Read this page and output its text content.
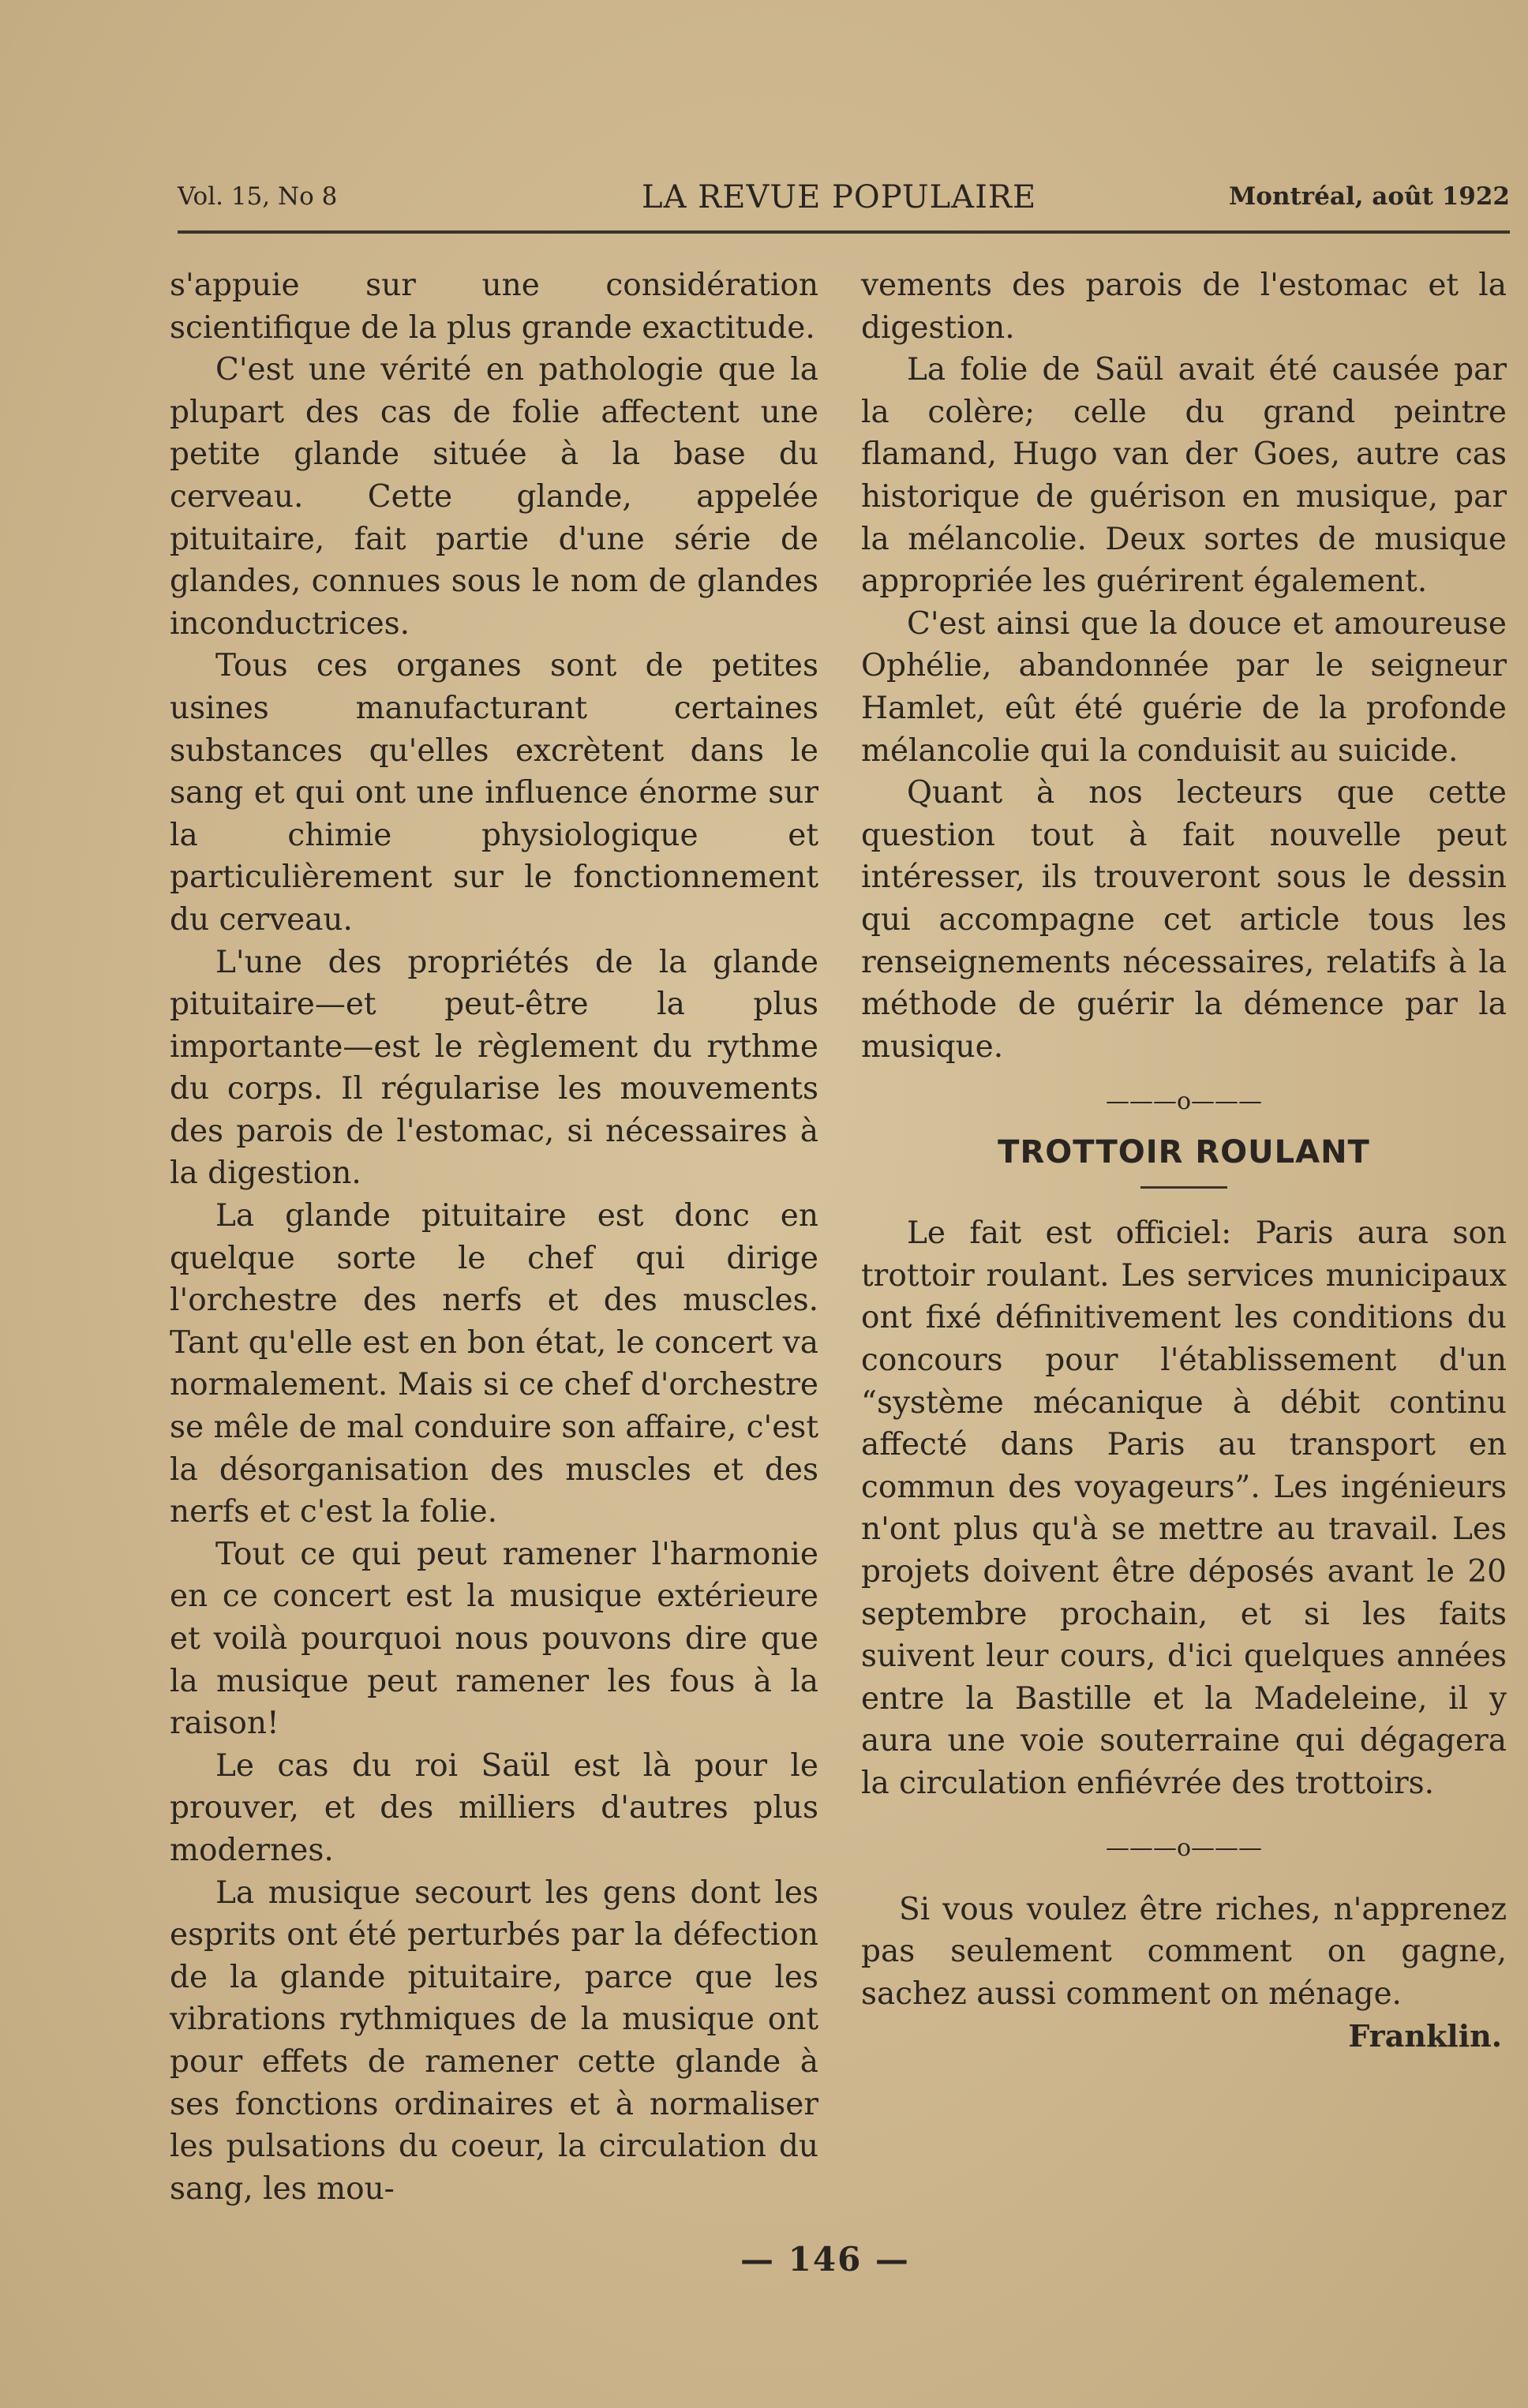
Vol. 15, No 8	LA REVUE POPULAIRE	Montréal, août 1922

s'appuie sur une considération scientifique de la plus grande exactitude.

C'est une vérité en pathologie que la plupart des cas de folie affectent une petite glande située à la base du cerveau. Cette glande, appelée pituitaire, fait partie d'une série de glandes, connues sous le nom de glandes inconductrices.

Tous ces organes sont de petites usines manufacturant certaines substances qu'elles excrètent dans le sang et qui ont une influence énorme sur la chimie physiologique et particulièrement sur le fonctionnement du cerveau.

L'une des propriétés de la glande pituitaire—et peut-être la plus importante—est le règlement du rythme du corps. Il régularise les mouvements des parois de l'estomac, si nécessaires à la digestion.

La glande pituitaire est donc en quelque sorte le chef qui dirige l'orchestre des nerfs et des muscles. Tant qu'elle est en bon état, le concert va normalement. Mais si ce chef d'orchestre se mêle de mal conduire son affaire, c'est la désorganisation des muscles et des nerfs et c'est la folie.

Tout ce qui peut ramener l'harmonie en ce concert est la musique extérieure et voilà pourquoi nous pouvons dire que la musique peut ramener les fous à la raison!

Le cas du roi Saül est là pour le prouver, et des milliers d'autres plus modernes.

La musique secourt les gens dont les esprits ont été perturbés par la défection de la glande pituitaire, parce que les vibrations rythmiques de la musique ont pour effets de ramener cette glande à ses fonctions ordinaires et à normaliser les pulsations du coeur, la circulation du sang, les mou-

vements des parois de l'estomac et la digestion.

La folie de Saül avait été causée par la colère; celle du grand peintre flamand, Hugo van der Goes, autre cas historique de guérison en musique, par la mélancolie. Deux sortes de musique appropriée les guérirent également.

C'est ainsi que la douce et amoureuse Ophélie, abandonnée par le seigneur Hamlet, eût été guérie de la profonde mélancolie qui la conduisit au suicide.

Quant à nos lecteurs que cette question tout à fait nouvelle peut intéresser, ils trouveront sous le dessin qui accompagne cet article tous les renseignements nécessaires, relatifs à la méthode de guérir la démence par la musique.

———o———
TROTTOIR ROULANT

Le fait est officiel: Paris aura son trottoir roulant. Les services municipaux ont fixé définitivement les conditions du concours pour l'établissement d'un “système mécanique à débit continu affecté dans Paris au transport en commun des voyageurs”. Les ingénieurs n'ont plus qu'à se mettre au travail. Les projets doivent être déposés avant le 20 septembre prochain, et si les faits suivent leur cours, d'ici quelques années entre la Bastille et la Madeleine, il y aura une voie souterraine qui dégagera la circulation enfiévrée des trottoirs.

———o———

Si vous voulez être riches, n'apprenez pas seulement comment on gagne, sachez aussi comment on ménage.

Franklin.

— 146 —
